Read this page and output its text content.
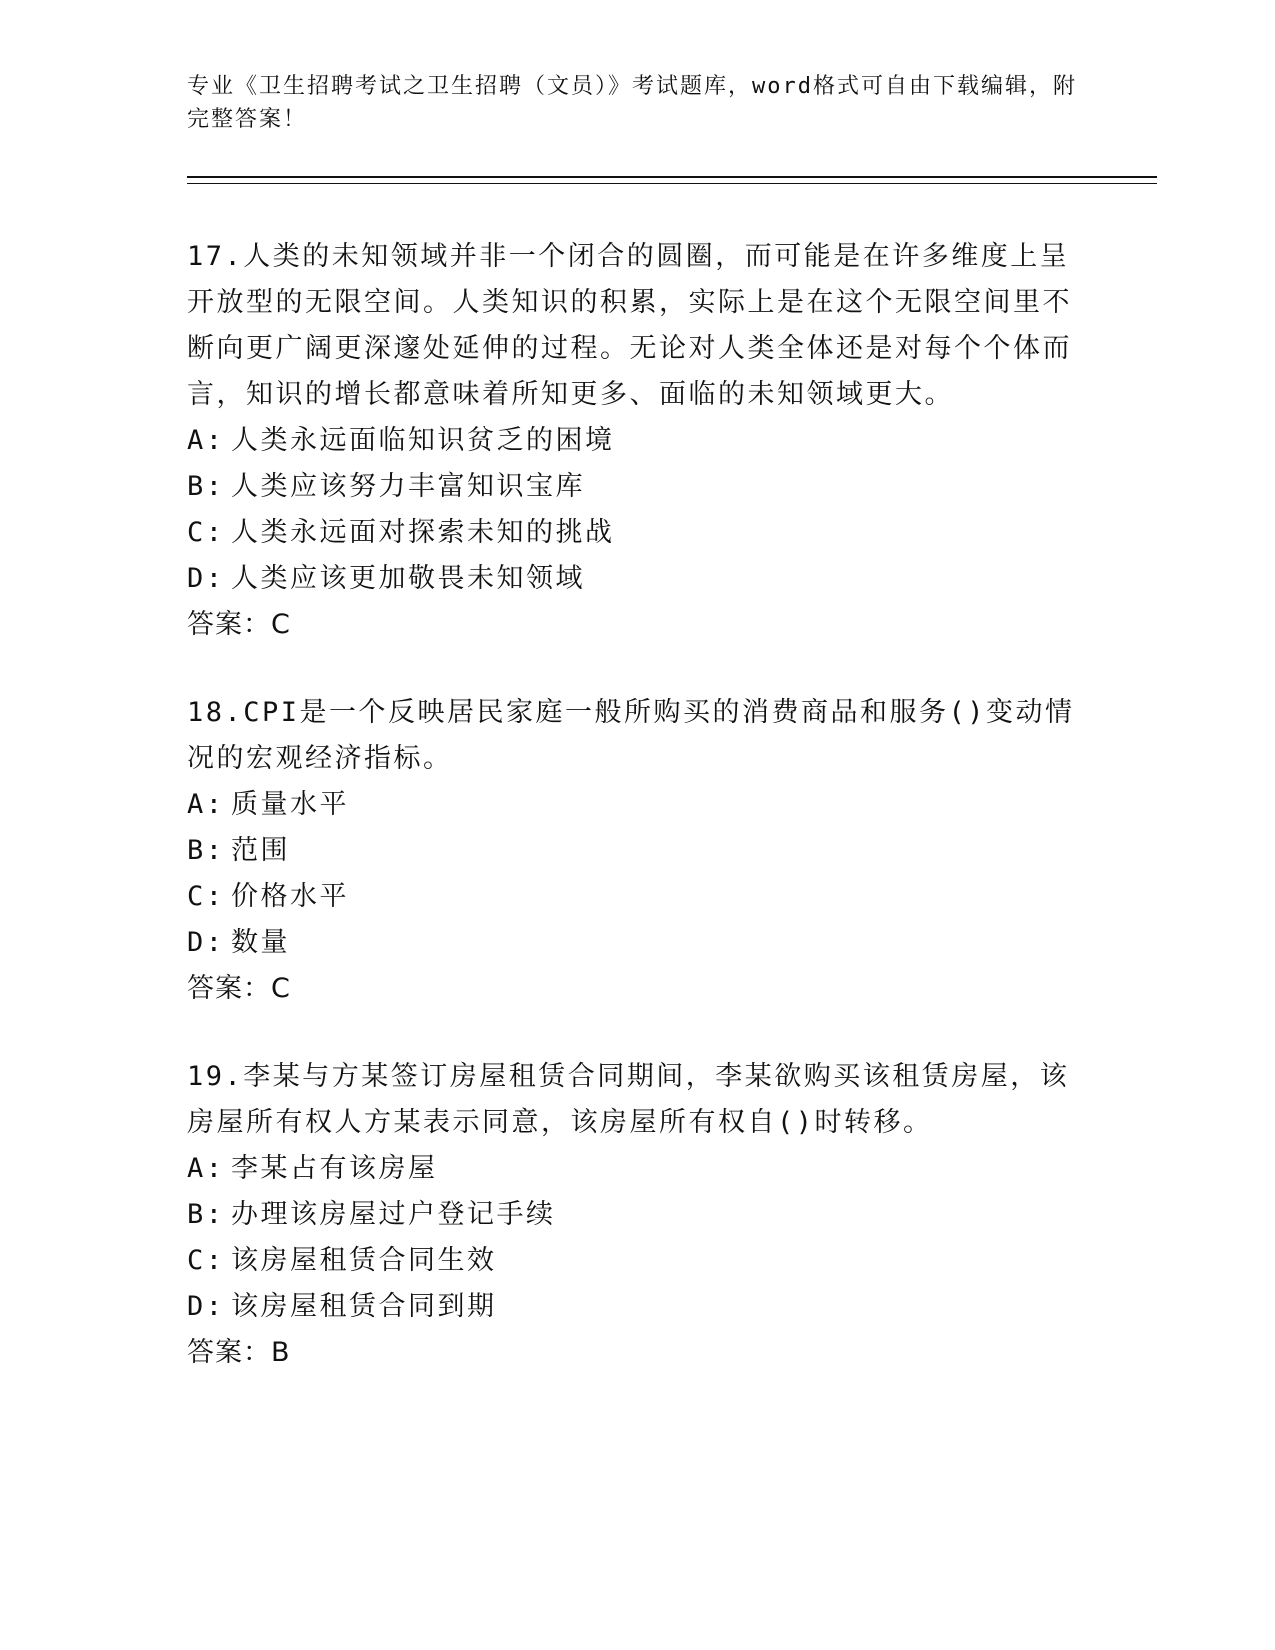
专业《卫生招聘考试之卫生招聘（文员）》考试题库，word格式可自由下载编辑，附完整答案！

17.人类的未知领域并非一个闭合的圆圈，而可能是在许多维度上呈开放型的无限空间。人类知识的积累，实际上是在这个无限空间里不断向更广阔更深邃处延伸的过程。无论对人类全体还是对每个个体而言，知识的增长都意味着所知更多、面临的未知领域更大。

A: 人类永远面临知识贫乏的困境

B: 人类应该努力丰富知识宝库

C: 人类永远面对探索未知的挑战

D: 人类应该更加敬畏未知领域

答案：C

18.CPI是一个反映居民家庭一般所购买的消费商品和服务()变动情况的宏观经济指标。

A: 质量水平

B: 范围

C: 价格水平

D: 数量

答案：C

19.李某与方某签订房屋租赁合同期间，李某欲购买该租赁房屋，该房屋所有权人方某表示同意，该房屋所有权自()时转移。

A: 李某占有该房屋

B: 办理该房屋过户登记手续

C: 该房屋租赁合同生效

D: 该房屋租赁合同到期

答案：B
